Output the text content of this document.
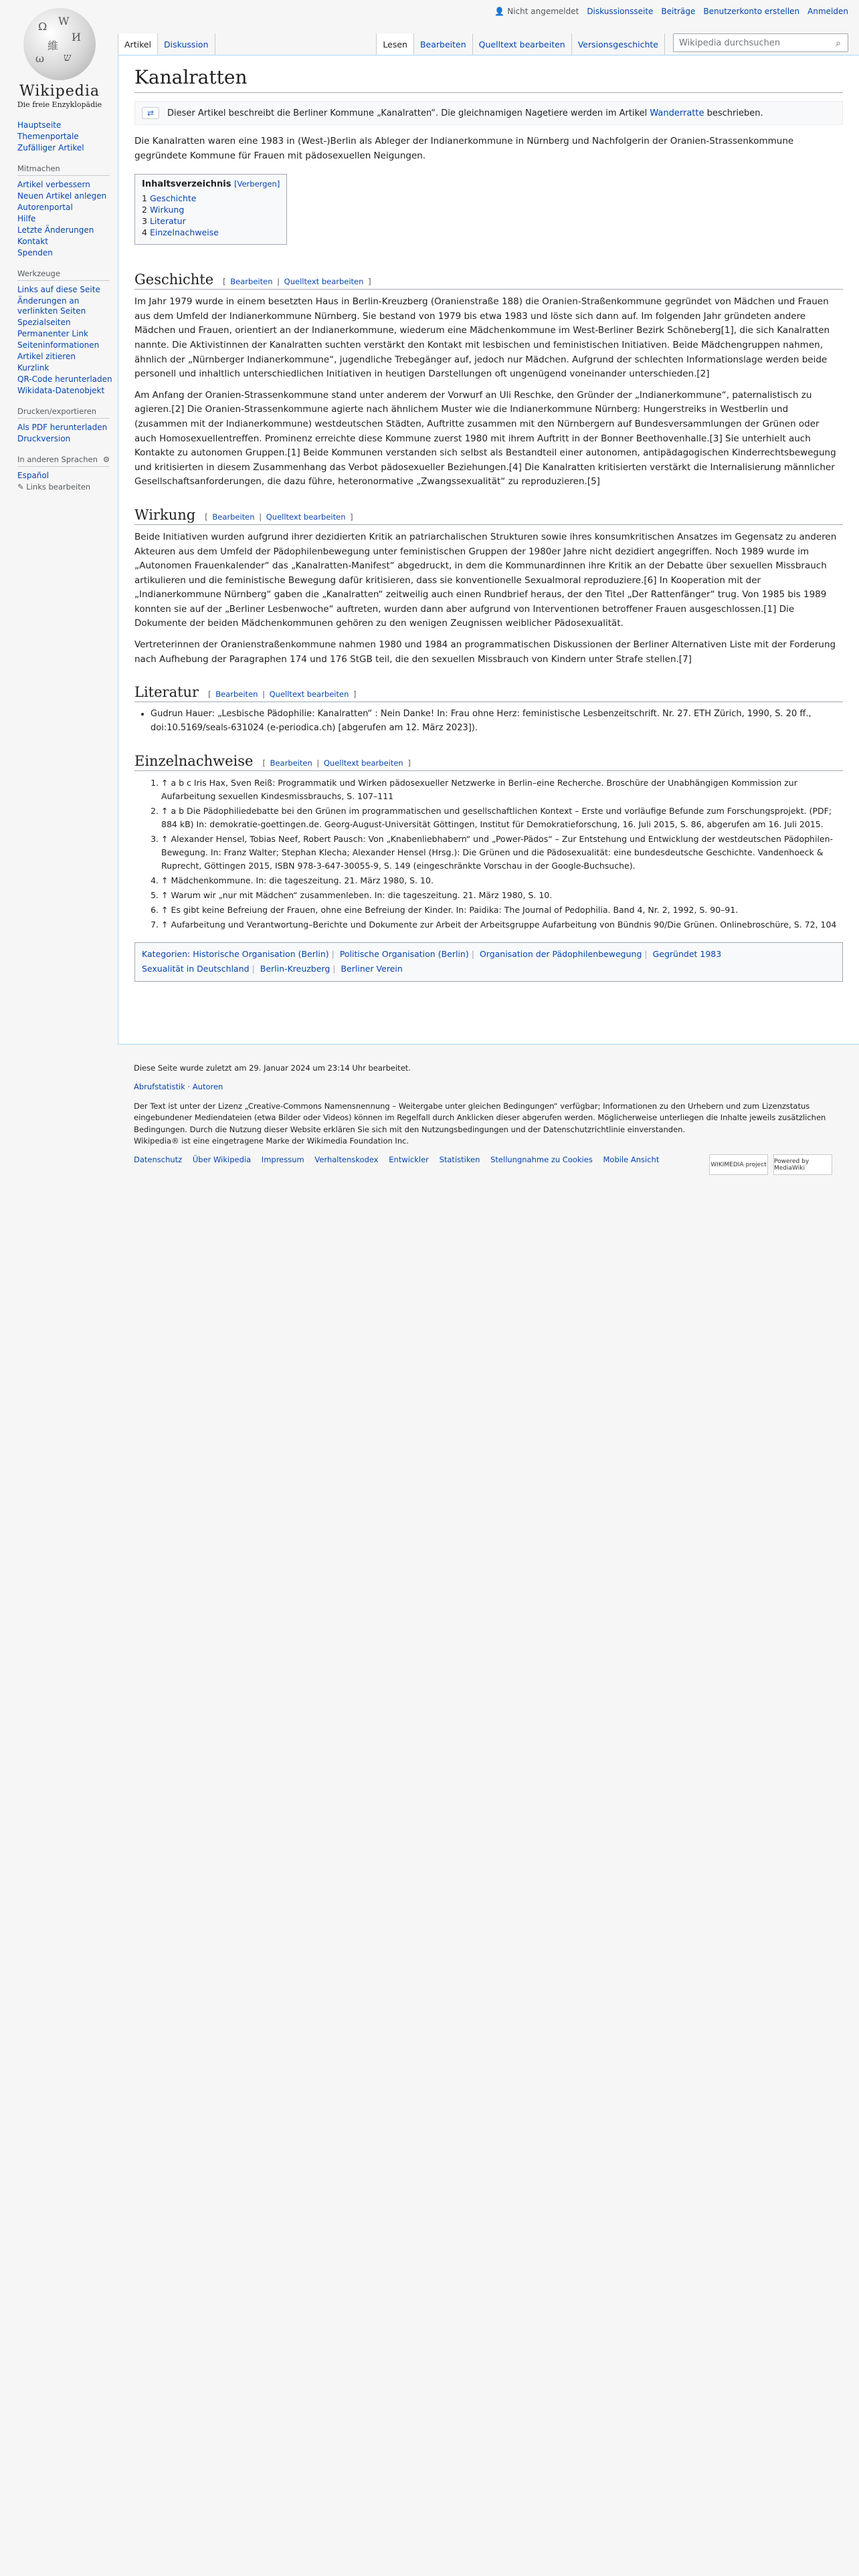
Ω W
И
維
ω ש
Wikipedia
Die freie Enzyklopädie
👤 Nicht angemeldet Diskussionsseite Beiträge Benutzerkonto erstellen Anmelden
Artikel	Diskussion	Lesen	Bearbeiten	Quelltext bearbeiten	Versionsgeschichte	Wikipedia durchsuchen	⌕
Hauptseite
Themenportale
Zufälliger Artikel
Mitmachen
Artikel verbessern
Neuen Artikel anlegen
Autorenportal
Hilfe
Letzte Änderungen
Kontakt
Spenden
Werkzeuge
Links auf diese Seite
Änderungen an verlinkten Seiten
Spezialseiten
Permanenter Link
Seiteninformationen
Artikel zitieren
Kurzlink
QR-Code herunterladen
Wikidata-Datenobjekt
Drucken/exportieren
Als PDF herunterladen
Druckversion
In anderen Sprachen ⚙
Español
✎ Links bearbeiten
Kanalratten
⇄	Dieser Artikel beschreibt die Berliner Kommune „Kanalratten“. Die gleichnamigen Nagetiere werden im Artikel Wanderratte beschrieben.

Die Kanalratten waren eine 1983 in (West-)Berlin als Ableger der Indianerkommune in Nürnberg und Nachfolgerin der Oranien-Strassenkommune gegründete Kommune für Frauen mit pädosexuellen Neigungen.

Inhaltsverzeichnis [Verbergen]
1 Geschichte
2 Wirkung
3 Literatur
4 Einzelnachweise
Geschichte [ Bearbeiten | Quelltext bearbeiten ]

Im Jahr 1979 wurde in einem besetzten Haus in Berlin-Kreuzberg (Oranienstraße 188) die Oranien-Straßenkommune gegründet von Mädchen und Frauen aus dem Umfeld der Indianerkommune Nürnberg. Sie bestand von 1979 bis etwa 1983 und löste sich dann auf. Im folgenden Jahr gründeten andere Mädchen und Frauen, orientiert an der Indianerkommune, wiederum eine Mädchenkommune im West-Berliner Bezirk Schöneberg[1], die sich Kanalratten nannte. Die Aktivistinnen der Kanalratten suchten verstärkt den Kontakt mit lesbischen und feministischen Initiativen. Beide Mädchengruppen nahmen, ähnlich der „Nürnberger Indianerkommune“, jugendliche Trebegänger auf, jedoch nur Mädchen. Aufgrund der schlechten Informationslage werden beide personell und inhaltlich unterschiedlichen Initiativen in heutigen Darstellungen oft ungenügend voneinander unterschieden.[2]

Am Anfang der Oranien-Strassenkommune stand unter anderem der Vorwurf an Uli Reschke, den Gründer der „Indianerkommune“, paternalistisch zu agieren.[2] Die Oranien-Strassenkommune agierte nach ähnlichem Muster wie die Indianerkommune Nürnberg: Hungerstreiks in Westberlin und (zusammen mit der Indianerkommune) westdeutschen Städten, Auftritte zusammen mit den Nürnbergern auf Bundesversammlungen der Grünen oder auch Homosexuellentreffen. Prominenz erreichte diese Kommune zuerst 1980 mit ihrem Auftritt in der Bonner Beethovenhalle.[3] Sie unterhielt auch Kontakte zu autonomen Gruppen.[1] Beide Kommunen verstanden sich selbst als Bestandteil einer autonomen, antipädagogischen Kinderrechtsbewegung und kritisierten in diesem Zusammenhang das Verbot pädosexueller Beziehungen.[4] Die Kanalratten kritisierten verstärkt die Internalisierung männlicher Gesellschaftsanforderungen, die dazu führe, heteronormative „Zwangssexualität“ zu reproduzieren.[5]

Wirkung [ Bearbeiten | Quelltext bearbeiten ]

Beide Initiativen wurden aufgrund ihrer dezidierten Kritik an patriarchalischen Strukturen sowie ihres konsumkritischen Ansatzes im Gegensatz zu anderen Akteuren aus dem Umfeld der Pädophilenbewegung unter feministischen Gruppen der 1980er Jahre nicht dezidiert angegriffen. Noch 1989 wurde im „Autonomen Frauenkalender“ das „Kanalratten-Manifest“ abgedruckt, in dem die Kommunardinnen ihre Kritik an der Debatte über sexuellen Missbrauch artikulieren und die feministische Bewegung dafür kritisieren, dass sie konventionelle Sexualmoral reproduziere.[6] In Kooperation mit der „Indianerkommune Nürnberg“ gaben die „Kanalratten“ zeitweilig auch einen Rundbrief heraus, der den Titel „Der Rattenfänger“ trug. Von 1985 bis 1989 konnten sie auf der „Berliner Lesbenwoche“ auftreten, wurden dann aber aufgrund von Interventionen betroffener Frauen ausgeschlossen.[1] Die Dokumente der beiden Mädchenkommunen gehören zu den wenigen Zeugnissen weiblicher Pädosexualität.

Vertreterinnen der Oranienstraßenkommune nahmen 1980 und 1984 an programmatischen Diskussionen der Berliner Alternativen Liste mit der Forderung nach Aufhebung der Paragraphen 174 und 176 StGB teil, die den sexuellen Missbrauch von Kindern unter Strafe stellen.[7]

Literatur [ Bearbeiten | Quelltext bearbeiten ]
• Gudrun Hauer: „Lesbische Pädophilie: Kanalratten“ : Nein Danke! In: Frau ohne Herz: feministische Lesbenzeitschrift. Nr. 27. ETH Zürich, 1990, S. 20 ff., doi:10.5169/seals-631024 (e-periodica.ch) [abgerufen am 12. März 2023]).
Einzelnachweise [ Bearbeiten | Quelltext bearbeiten ]
1. ↑ a b c Iris Hax, Sven Reiß: Programmatik und Wirken pädosexueller Netzwerke in Berlin–eine Recherche. Broschüre der Unabhängigen Kommission zur Aufarbeitung sexuellen Kindesmissbrauchs, S. 107–111
2. ↑ a b Die Pädophiliedebatte bei den Grünen im programmatischen und gesellschaftlichen Kontext – Erste und vorläufige Befunde zum Forschungsprojekt. (PDF; 884 kB) In: demokratie-goettingen.de. Georg-August-Universität Göttingen, Institut für Demokratieforschung, 16. Juli 2015, S. 86, abgerufen am 16. Juli 2015.
3. ↑ Alexander Hensel, Tobias Neef, Robert Pausch: Von „Knabenliebhabern“ und „Power-Pädos“ – Zur Entstehung und Entwicklung der westdeutschen Pädophilen-Bewegung. In: Franz Walter; Stephan Klecha; Alexander Hensel (Hrsg.): Die Grünen und die Pädosexualität: eine bundesdeutsche Geschichte. Vandenhoeck & Ruprecht, Göttingen 2015, ISBN 978-3-647-30055-9, S. 149 (eingeschränkte Vorschau in der Google-Buchsuche).
4. ↑ Mädchenkommune. In: die tageszeitung. 21. März 1980, S. 10.
5. ↑ Warum wir „nur mit Mädchen“ zusammenleben. In: die tageszeitung. 21. März 1980, S. 10.
6. ↑ Es gibt keine Befreiung der Frauen, ohne eine Befreiung der Kinder. In: Paidika: The Journal of Pedophilia. Band 4, Nr. 2, 1992, S. 90–91.
7. ↑ Aufarbeitung und Verantwortung–Berichte und Dokumente zur Arbeit der Arbeitsgruppe Aufarbeitung von Bündnis 90/Die Grünen. Onlinebroschüre, S. 72, 104
Kategorien: Historische Organisation (Berlin) | Politische Organisation (Berlin) | Organisation der Pädophilenbewegung | Gegründet 1983
Sexualität in Deutschland | Berlin-Kreuzberg | Berliner Verein
Diese Seite wurde zuletzt am 29. Januar 2024 um 23:14 Uhr bearbeitet.
Abrufstatistik · Autoren
Der Text ist unter der Lizenz „Creative-Commons Namensnennung – Weitergabe unter gleichen Bedingungen“ verfügbar; Informationen zu den Urhebern und zum Lizenzstatus eingebundener Mediendateien (etwa Bilder oder Videos) können im Regelfall durch Anklicken dieser abgerufen werden. Möglicherweise unterliegen die Inhalte jeweils zusätzlichen Bedingungen. Durch die Nutzung dieser Website erklären Sie sich mit den Nutzungsbedingungen und der Datenschutzrichtlinie einverstanden.
Wikipedia® ist eine eingetragene Marke der Wikimedia Foundation Inc.
Datenschutz Über Wikipedia Impressum Verhaltenskodex Entwickler Statistiken Stellungnahme zu Cookies Mobile Ansicht
WIKIMEDIA project Powered by MediaWiki
